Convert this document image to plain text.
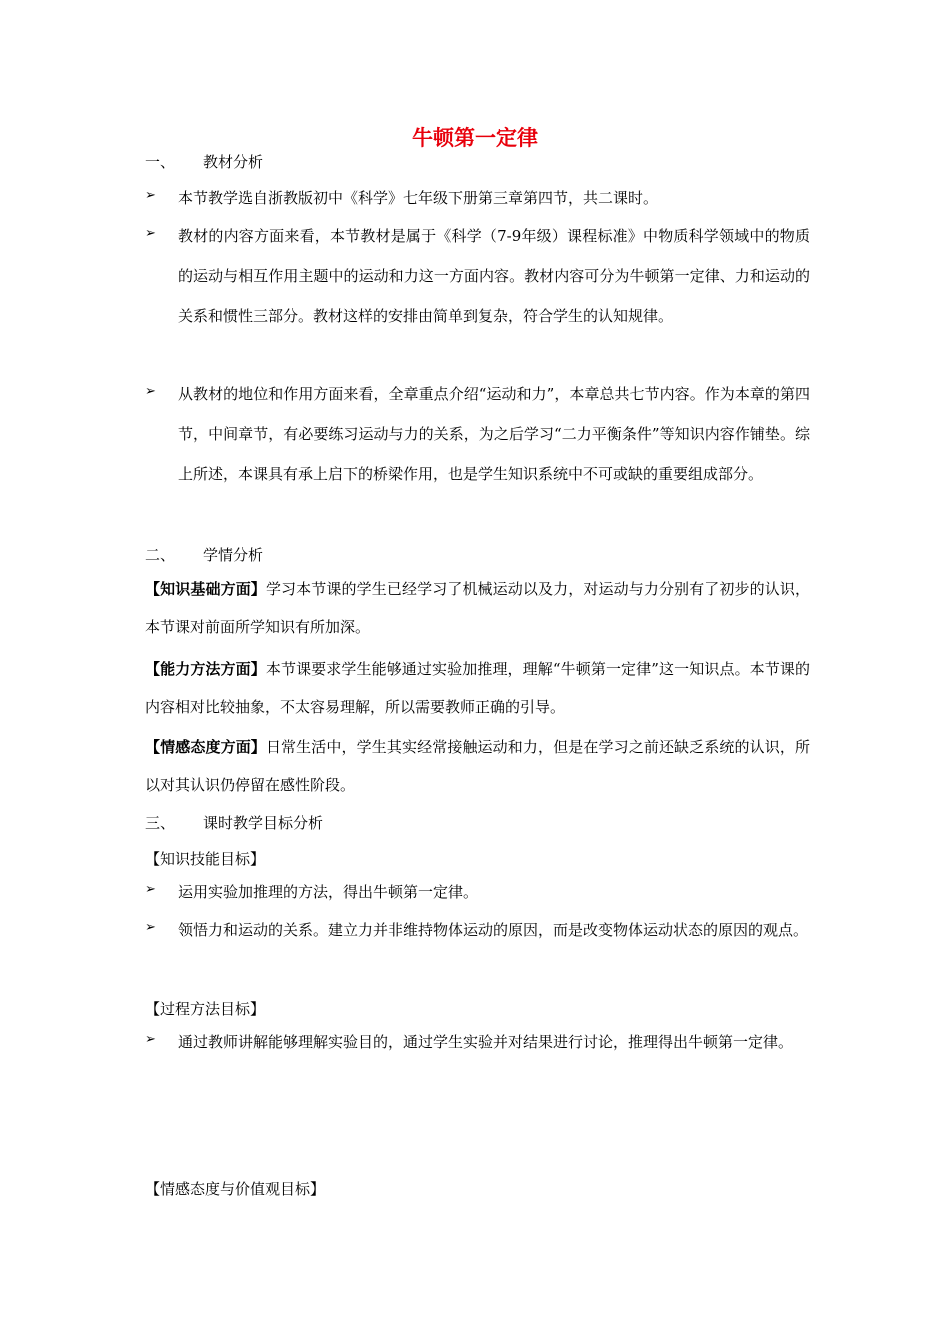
牛顿第一定律
一、 教材分析
➢ 本节教学选自浙教版初中《科学》七年级下册第三章第四节，共二课时。
➢ 教材的内容方面来看，本节教材是属于《科学（7-9年级）课程标准》中物质科学领域中的物质的运动与相互作用主题中的运动和力这一方面内容。教材内容可分为牛顿第一定律、力和运动的关系和惯性三部分。教材这样的安排由简单到复杂，符合学生的认知规律。
➢ 从教材的地位和作用方面来看，全章重点介绍“运动和力”，本章总共七节内容。作为本章的第四节，中间章节，有必要练习运动与力的关系，为之后学习“二力平衡条件”等知识内容作铺垫。综上所述，本课具有承上启下的桥梁作用，也是学生知识系统中不可或缺的重要组成部分。
二、 学情分析
【知识基础方面】学习本节课的学生已经学习了机械运动以及力，对运动与力分别有了初步的认识，本节课对前面所学知识有所加深。
【能力方法方面】本节课要求学生能够通过实验加推理，理解“牛顿第一定律”这一知识点。本节课的内容相对比较抽象，不太容易理解，所以需要教师正确的引导。
【情感态度方面】日常生活中，学生其实经常接触运动和力，但是在学习之前还缺乏系统的认识，所以对其认识仍停留在感性阶段。
三、 课时教学目标分析
【知识技能目标】
➢ 运用实验加推理的方法，得出牛顿第一定律。
➢ 领悟力和运动的关系。建立力并非维持物体运动的原因，而是改变物体运动状态的原因的观点。
【过程方法目标】
➢ 通过教师讲解能够理解实验目的，通过学生实验并对结果进行讨论，推理得出牛顿第一定律。
【情感态度与价值观目标】
